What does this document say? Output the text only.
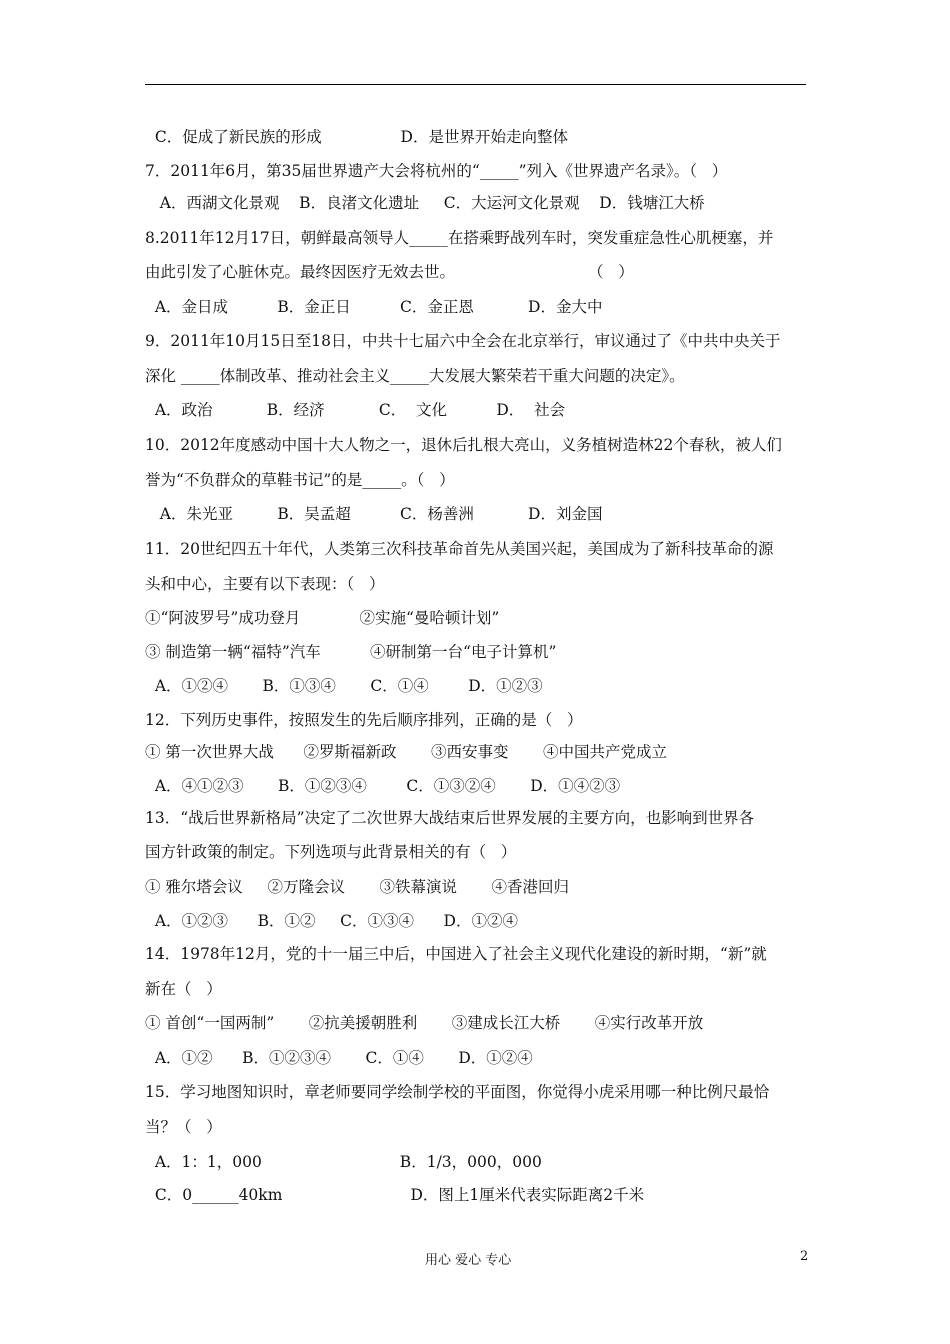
C．促成了新民族的形成                D．是世界开始走向整体
7．2011年6月，第35届世界遗产大会将杭州的“_____”列入《世界遗产名录》。（   ）
A．西湖文化景观    B．良渚文化遗址     C．大运河文化景观    D．钱塘江大桥
8.2011年12月17日，朝鲜最高领导人_____在搭乘野战列车时，突发重症急性心肌梗塞，并
由此引发了心脏休克。最终因医疗无效去世。                           （   ）
A．金日成          B．金正日          C．金正恩           D．金大中
9．2011年10月15日至18日，中共十七届六中全会在北京举行，审议通过了《中共中央关于
深化 _____体制改革、推动社会主义_____大发展大繁荣若干重大问题的决定》。
A．政治           B．经济           C．  文化          D．  社会
10．2012年度感动中国十大人物之一，退休后扎根大亮山，义务植树造林22个春秋，被人们
誉为“不负群众的草鞋书记”的是_____。（   ）
A．朱光亚         B．吴孟超          C．杨善洲           D．刘金国
11．20世纪四五十年代，人类第三次科技革命首先从美国兴起，美国成为了新科技革命的源
头和中心，主要有以下表现：（   ）
①“阿波罗号”成功登月            ②实施“曼哈顿计划”
③ 制造第一辆“福特”汽车          ④研制第一台“电子计算机”
A．①②④       B．①③④       C．①④        D．①②③
12．下列历史事件，按照发生的先后顺序排列，正确的是（   ）
① 第一次世界大战      ②罗斯福新政       ③西安事变       ④中国共产党成立
A．④①②③       B．①②③④        C．①③②④       D．①④②③
13．“战后世界新格局”决定了二次世界大战结束后世界发展的主要方向，也影响到世界各
国方针政策的制定。下列选项与此背景相关的有（   ）
① 雅尔塔会议     ②万隆会议       ③铁幕演说       ④香港回归
A．①②③      B．①②     C．①③④      D．①②④
14．1978年12月，党的十一届三中后，中国进入了社会主义现代化建设的新时期，“新”就
新在（   ）
① 首创“一国两制”       ②抗美援朝胜利       ③建成长江大桥       ④实行改革开放
A．①②      B．①②③④       C．①④       D．①②④
15．学习地图知识时，章老师要同学绘制学校的平面图，你觉得小虎采用哪一种比例尺最恰
当？（   ）
A．1：1，000                            B．1/3，000，000
C．0______40km                          D．图上1厘米代表实际距离2千米
用心 爱心 专心	2
